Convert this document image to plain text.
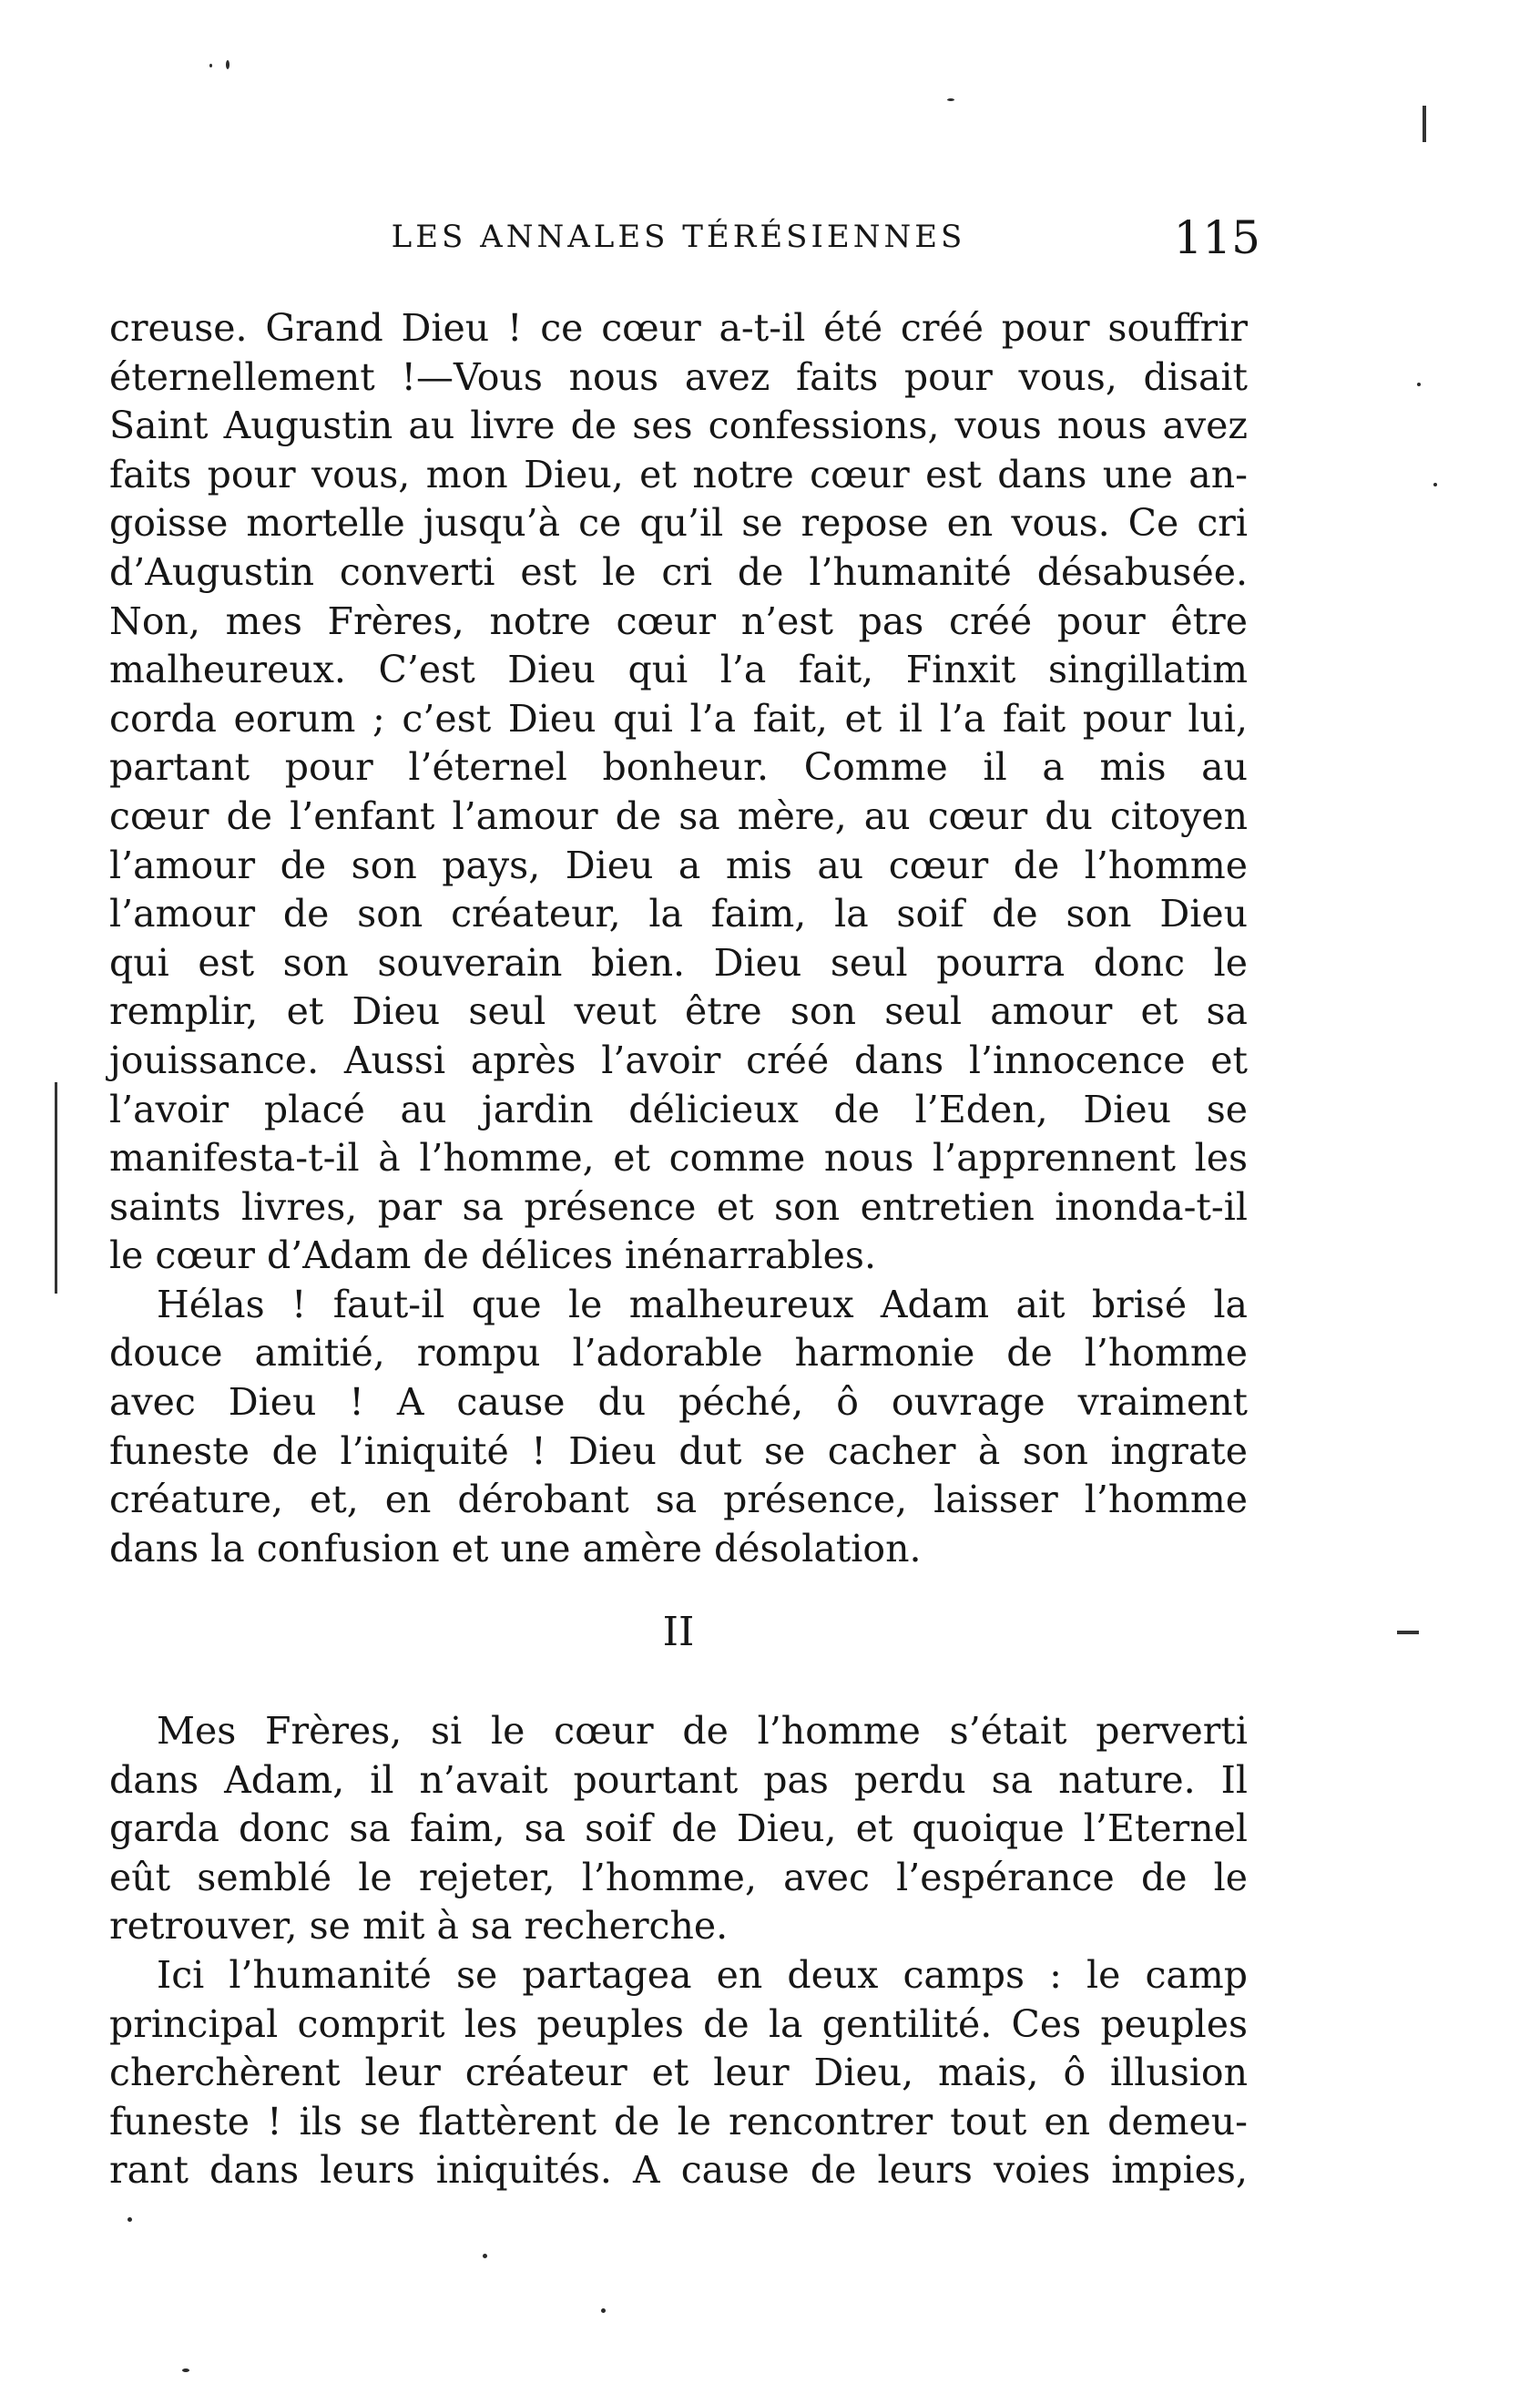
LES ANNALES TÉRÉSIENNES	115
creuse. Grand Dieu ! ce cœur a-t-il été créé pour souffrir
éternellement !—Vous nous avez faits pour vous, disait
Saint Augustin au livre de ses confessions, vous nous avez
faits pour vous, mon Dieu, et notre cœur est dans une an-
goisse mortelle jusqu’à ce qu’il se repose en vous. Ce cri
d’Augustin converti est le cri de l’humanité désabusée.
Non, mes Frères, notre cœur n’est pas créé pour être
malheureux. C’est Dieu qui l’a fait, Finxit singillatim
corda eorum ; c’est Dieu qui l’a fait, et il l’a fait pour lui,
partant pour l’éternel bonheur. Comme il a mis au
cœur de l’enfant l’amour de sa mère, au cœur du citoyen
l’amour de son pays, Dieu a mis au cœur de l’homme
l’amour de son créateur, la faim, la soif de son Dieu
qui est son souverain bien. Dieu seul pourra donc le
remplir, et Dieu seul veut être son seul amour et sa
jouissance. Aussi après l’avoir créé dans l’innocence et
l’avoir placé au jardin délicieux de l’Eden, Dieu se
manifesta-t-il à l’homme, et comme nous l’apprennent les
saints livres, par sa présence et son entretien inonda-t-il
le cœur d’Adam de délices inénarrables.
Hélas ! faut-il que le malheureux Adam ait brisé la
douce amitié, rompu l’adorable harmonie de l’homme
avec Dieu ! A cause du péché, ô ouvrage vraiment
funeste de l’iniquité ! Dieu dut se cacher à son ingrate
créature, et, en dérobant sa présence, laisser l’homme
dans la confusion et une amère désolation.
II
Mes Frères, si le cœur de l’homme s’était perverti
dans Adam, il n’avait pourtant pas perdu sa nature. Il
garda donc sa faim, sa soif de Dieu, et quoique l’Eternel
eût semblé le rejeter, l’homme, avec l’espérance de le
retrouver, se mit à sa recherche.
Ici l’humanité se partagea en deux camps : le camp
principal comprit les peuples de la gentilité. Ces peuples
cherchèrent leur créateur et leur Dieu, mais, ô illusion
funeste ! ils se flattèrent de le rencontrer tout en demeu-
rant dans leurs iniquités. A cause de leurs voies impies,
